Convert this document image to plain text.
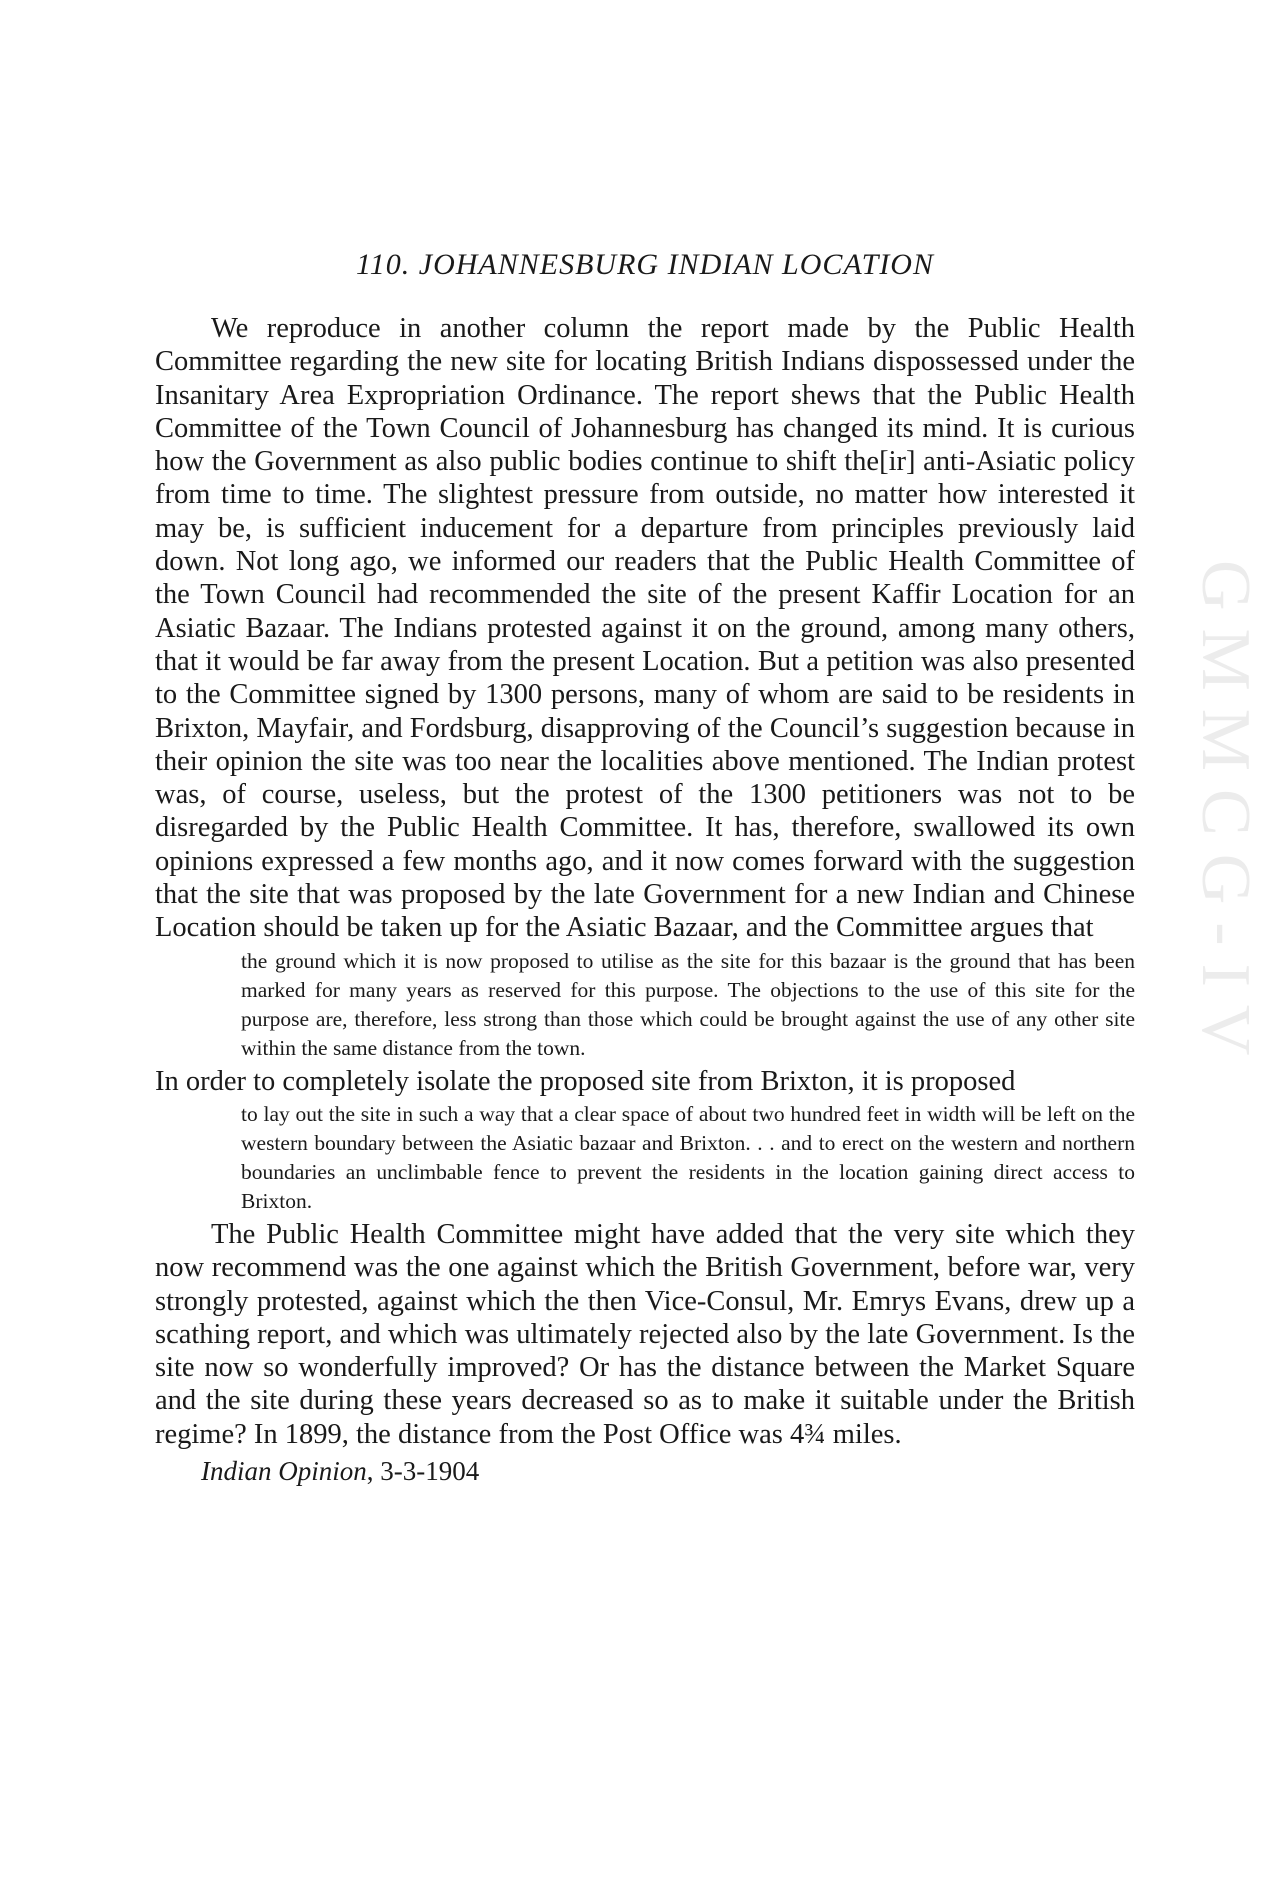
GMMCG-IV
110. JOHANNESBURG INDIAN LOCATION

We reproduce in another column the report made by the Public Health Committee regarding the new site for locating British Indians dispossessed under the Insanitary Area Expropriation Ordinance. The report shews that the Public Health Committee of the Town Council of Johannesburg has changed its mind. It is curious how the Government as also public bodies continue to shift the[ir] anti-Asiatic policy from time to time. The slightest pressure from outside, no matter how interested it may be, is sufficient inducement for a departure from principles previously laid down. Not long ago, we informed our readers that the Public Health Committee of the Town Council had recommended the site of the present Kaffir Location for an Asiatic Bazaar. The Indians protested against it on the ground, among many others, that it would be far away from the present Location. But a petition was also presented to the Committee signed by 1300 persons, many of whom are said to be residents in Brixton, Mayfair, and Fordsburg, disapproving of the Council’s suggestion because in their opinion the site was too near the localities above mentioned. The Indian protest was, of course, useless, but the protest of the 1300 petitioners was not to be disregarded by the Public Health Committee. It has, therefore, swallowed its own opinions expressed a few months ago, and it now comes forward with the suggestion that the site that was proposed by the late Government for a new Indian and Chinese Location should be taken up for the Asiatic Bazaar, and the Committee argues that

the ground which it is now proposed to utilise as the site for this bazaar is the ground that has been marked for many years as reserved for this purpose. The objections to the use of this site for the purpose are, therefore, less strong than those which could be brought against the use of any other site within the same distance from the town.

In order to completely isolate the proposed site from Brixton, it is proposed

to lay out the site in such a way that a clear space of about two hundred feet in width will be left on the western boundary between the Asiatic bazaar and Brixton. . . and to erect on the western and northern boundaries an unclimbable fence to prevent the residents in the location gaining direct access to Brixton.

The Public Health Committee might have added that the very site which they now recommend was the one against which the British Government, before war, very strongly protested, against which the then Vice-Consul, Mr. Emrys Evans, drew up a scathing report, and which was ultimately rejected also by the late Government. Is the site now so wonderfully improved? Or has the distance between the Market Square and the site during these years decreased so as to make it suitable under the British regime? In 1899, the distance from the Post Office was 4¾ miles.

Indian Opinion, 3-3-1904
